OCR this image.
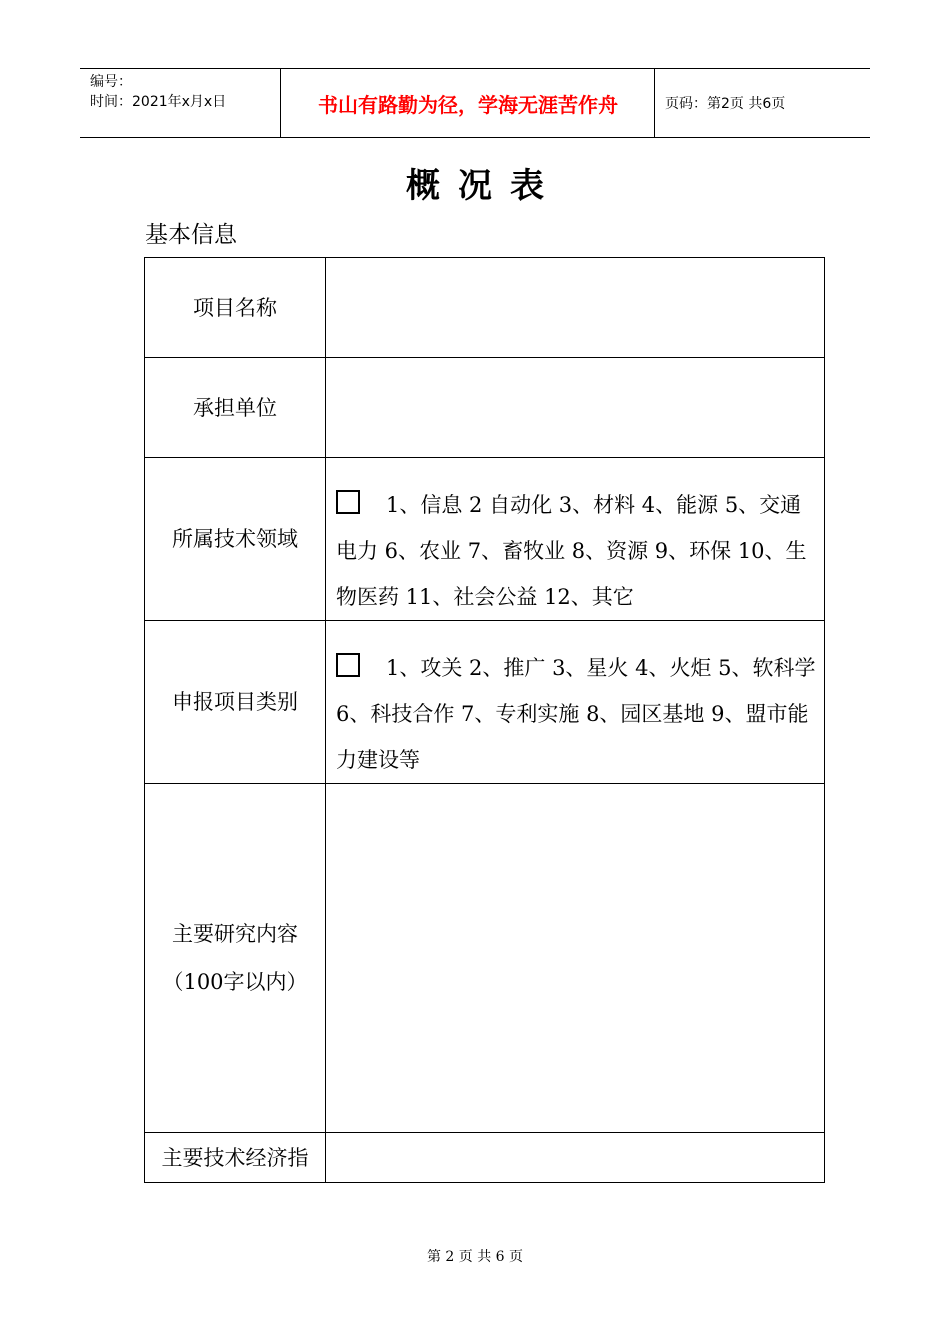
编号：
时间：2021年x月x日	书山有路勤为径，学海无涯苦作舟	页码：第2页 共6页
概况表
基本信息
项目名称	
承担单位	
所属技术领域	1、信息 2 自动化 3、材料 4、能源 5、交通电力 6、农业 7、畜牧业 8、资源 9、环保 10、生物医药 11、社会公益 12、其它

申报项目类别	1、攻关 2、推广 3、星火 4、火炬 5、软科学 6、科技合作 7、专利实施 8、园区基地 9、盟市能力建设等

主要研究内容
（100字以内）	

主要技术经济指	
第 2 页 共 6 页
